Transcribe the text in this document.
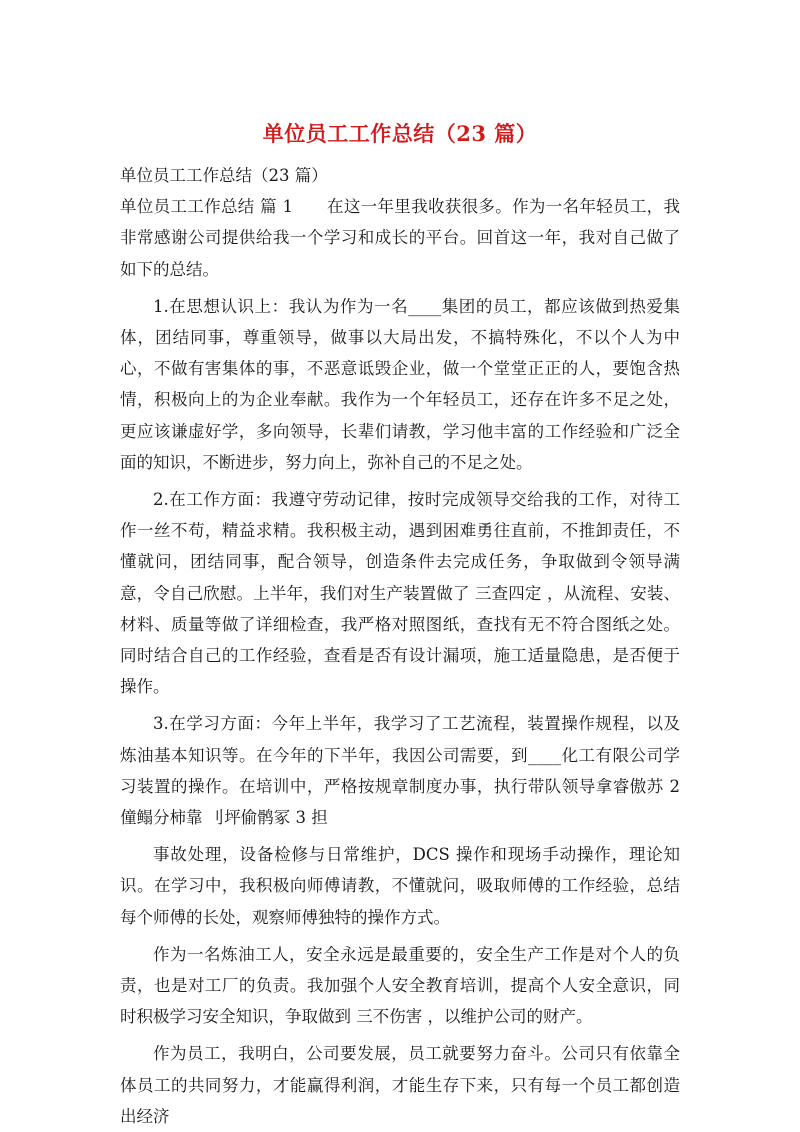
单位员工工作总结（23 篇）

单位员工工作总结（23 篇）

单位员工工作总结 篇 1　　在这一年里我收获很多。作为一名年轻员工，我非常感谢公司提供给我一个学习和成长的平台。回首这一年，我对自己做了如下的总结。

1.在思想认识上：我认为作为一名____集团的员工，都应该做到热爱集体，团结同事，尊重领导，做事以大局出发，不搞特殊化，不以个人为中心，不做有害集体的事，不恶意诋毁企业，做一个堂堂正正的人，要饱含热情，积极向上的为企业奉献。我作为一个年轻员工，还存在许多不足之处，更应该谦虚好学，多向领导，长辈们请教，学习他丰富的工作经验和广泛全面的知识，不断进步，努力向上，弥补自己的不足之处。

2.在工作方面：我遵守劳动记律，按时完成领导交给我的工作，对待工作一丝不苟，精益求精。我积极主动，遇到困难勇往直前，不推卸责任，不懂就问，团结同事，配合领导，创造条件去完成任务，争取做到令领导满意，令自己欣慰。上半年，我们对生产装置做了 三查四定 ，从流程、安装、材料、质量等做了详细检查，我严格对照图纸，查找有无不符合图纸之处。同时结合自己的工作经验，查看是否有设计漏项，施工适量隐患，是否便于操作。

3.在学习方面：今年上半年，我学习了工艺流程，装置操作规程，以及炼油基本知识等。在今年的下半年，我因公司需要，到____化工有限公司学习装置的操作。在培训中，严格按规章制度办事，执行带队领导拿睿傲苏 2 僮鳎分柿靠 刂坪偷鹘冢 3 担

事故处理，设备检修与日常维护，DCS 操作和现场手动操作，理论知识。在学习中，我积极向师傅请教，不懂就问，吸取师傅的工作经验，总结每个师傅的长处，观察师傅独特的操作方式。

作为一名炼油工人，安全永远是最重要的，安全生产工作是对个人的负责，也是对工厂的负责。我加强个人安全教育培训，提高个人安全意识，同时积极学习安全知识，争取做到 三不伤害 ，以维护公司的财产。

作为员工，我明白，公司要发展，员工就要努力奋斗。公司只有依靠全体员工的共同努力，才能赢得利润，才能生存下来，只有每一个员工都创造出经济
